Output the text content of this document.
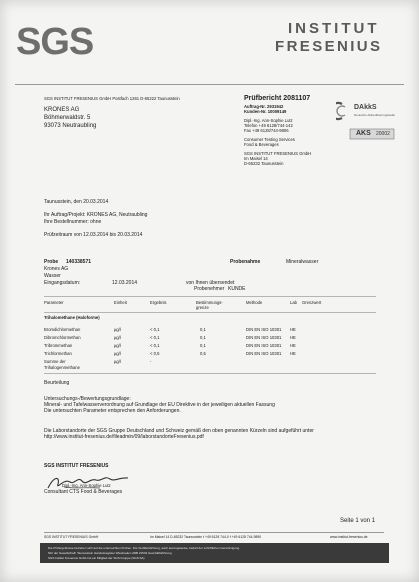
SGS	INSTITUT
FRESENIUS
SGS INSTITUT FRESENIUS GmbH Postfach 1261 D-65222 Taunusstein
KRONES AG
Böhmerwaldstr. 5
93073 Neutraubling
Prüfbericht 2081107
Auftrag-Nr. 2931942
Kunden-Nr. 10009149
Dipl.-Ing. Ann-Sophie Lutz
Telefon +49 6128/744-142
Fax +49 6128/744-9806
Consumer Testing Services
Food & Beverages
SGS INSTITUT FRESENIUS GmbH
Im Maisel 14
D-65232 Taunusstein
DAkkS
Deutsche Akkreditierungsstelle
AKS 20002
Taunusstein, den 20.03.2014
Ihr Auftrag/Projekt: KRONES AG, Neutraubling
Ihre Bestellnummer: ohne
Prüfzeitraum von 12.03.2014 bis 20.03.2014
Probe 140338571
Krones AG
Wasser
Eingangsdatum:	12.03.2014
Probenahme	Mineralwasser
von Ihnen übersendet
Probenehmer KUNDE
Parameter	Einheit	Ergebnis	Bestimmungs-
grenze
Methode	Lab Grenzwert
Trihalomethane (Haloforme)
Bromdichlormethan	µg/l	< 0,1	0,1	DIN EN ISO 10301 HE
Dibromchlormethan	µg/l	< 0,1	0,1	DIN EN ISO 10301 HE
Tribrommethan	µg/l	< 0,1	0,1	DIN EN ISO 10301 HE
Trichlormethan	µg/l	< 0,5	0,5	DIN EN ISO 10301 HE
Summe der	µg/l	-
Trihalogenmethane
Beurteilung
Untersuchungs-/Bewertungsgrundlage:
Mineral- und Tafelwasserverordnung auf Grundlage der EU Direktive in der jeweiligen aktuellen Fassung
Die untersuchten Parameter entsprechen den Anforderungen.
Die Laborstandorte der SGS Gruppe Deutschland und Schweiz gemäß den oben genannten Kürzeln sind aufgeführt unter
http://www.institut-fresenius.de/fileadmin/09/laborstandorteFresenius.pdf
SGS INSTITUT FRESENIUS
Dipl.-Ing. Ann-Sophie Lutz
Consultant CTS Food & Beverages
Seite 1 von 1
SGS INSTITUT FRESENIUS GmbH	Im Maisel 14 D-65232 Taunusstein t +49 6128 744-0 f +49 6128 744-9890	www.institut-fresenius.de
Die Prüfergebnisse beziehen sich auf die untersuchten Proben. Die Veröffentlichung, auch auszugsweise, bedarf der schriftlichen Genehmigung.
Sitz der Gesellschaft: Taunusstein Handelsregister Wiesbaden HRB 21543 Geschäftsführung
SGS Institut Fresenius GmbH ist ein Mitglied der SGS Gruppe (SGS SA)
